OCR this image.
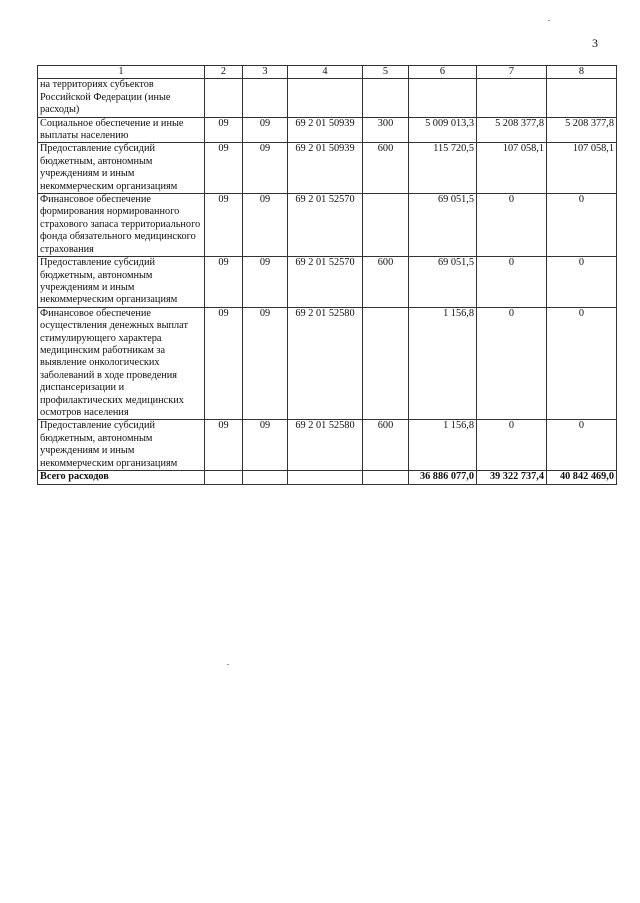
3
1	2	3	4	5	6	7	8
на территориях субъектов Российской Федерации (иные расходы)							
Социальное обеспечение и иные выплаты населению	09	09	69 2 01 50939	300	5 009 013,3	5 208 377,8	5 208 377,8
Предоставление субсидий бюджетным, автономным учреждениям и иным некоммерческим организациям	09	09	69 2 01 50939	600	115 720,5	107 058,1	107 058,1
Финансовое обеспечение формирования нормированного страхового запаса территориального фонда обязательного медицинского страхования	09	09	69 2 01 52570		69 051,5	0	0
Предоставление субсидий бюджетным, автономным учреждениям и иным некоммерческим организациям	09	09	69 2 01 52570	600	69 051,5	0	0
Финансовое обеспечение осуществления денежных выплат стимулирующего характера медицинским работникам за выявление онкологических заболеваний в ходе проведения диспансеризации и профилактических медицинских осмотров населения	09	09	69 2 01 52580		1 156,8	0	0
Предоставление субсидий бюджетным, автономным учреждениям и иным некоммерческим организациям	09	09	69 2 01 52580	600	1 156,8	0	0
Всего расходов					36 886 077,0	39 322 737,4	40 842 469,0
